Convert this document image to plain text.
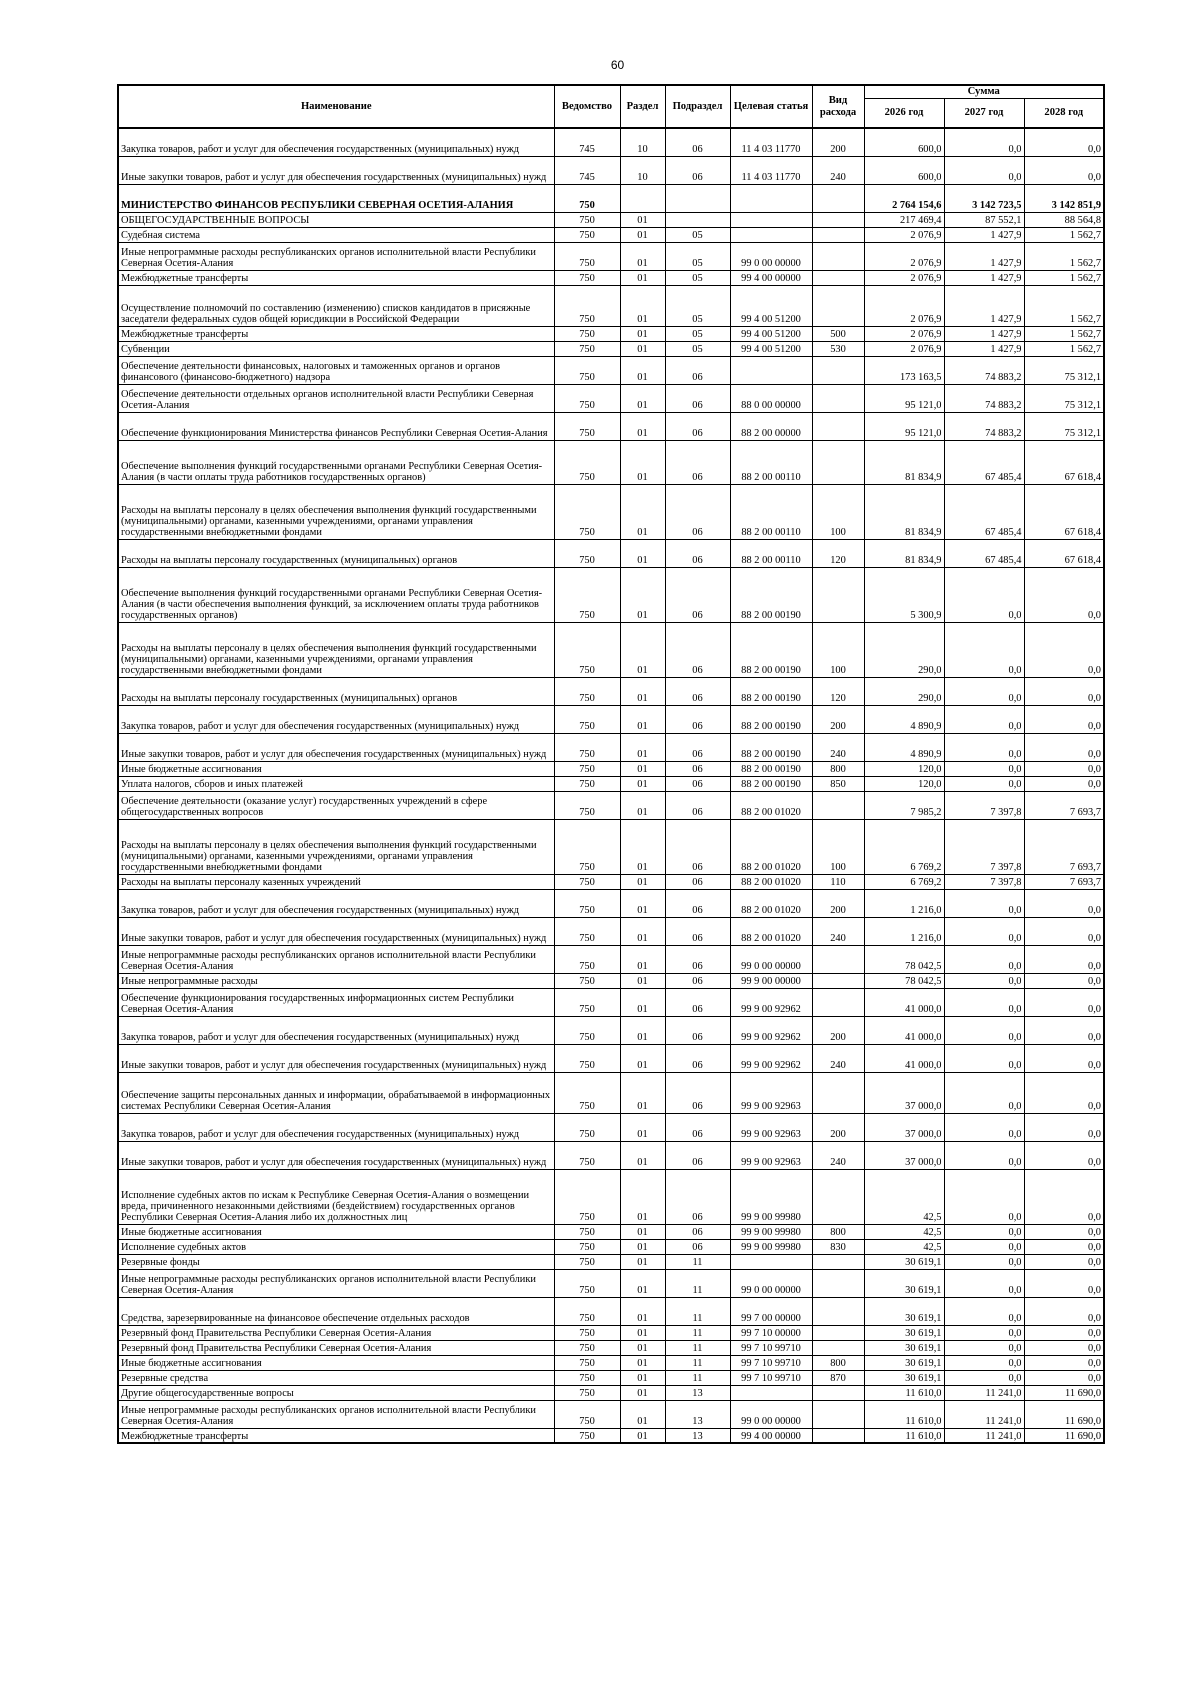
60
Наименование	Ведомство	Раздел	Подраздел	Целевая статья	Вид расхода	Сумма		
						2026 год	2027 год	2028 год
Закупка товаров, работ и услуг для обеспечения государственных (муниципальных) нужд	745	10	06	11 4 03 11770	200	600,0	0,0	0,0
Иные закупки товаров, работ и услуг для обеспечения государственных (муниципальных) нужд	745	10	06	11 4 03 11770	240	600,0	0,0	0,0
МИНИСТЕРСТВО ФИНАНСОВ РЕСПУБЛИКИ СЕВЕРНАЯ ОСЕТИЯ-АЛАНИЯ	750					2 764 154,6	3 142 723,5	3 142 851,9
ОБЩЕГОСУДАРСТВЕННЫЕ ВОПРОСЫ	750	01				217 469,4	87 552,1	88 564,8
Судебная система	750	01	05			2 076,9	1 427,9	1 562,7
Иные непрограммные расходы республиканских органов исполнительной власти Республики Северная Осетия-Алания	750	01	05	99 0 00 00000		2 076,9	1 427,9	1 562,7
Межбюджетные трансферты	750	01	05	99 4 00 00000		2 076,9	1 427,9	1 562,7
Осуществление полномочий по составлению (изменению) списков кандидатов в присяжные заседатели федеральных судов общей юрисдикции в Российской Федерации	750	01	05	99 4 00 51200		2 076,9	1 427,9	1 562,7
Межбюджетные трансферты	750	01	05	99 4 00 51200	500	2 076,9	1 427,9	1 562,7
Субвенции	750	01	05	99 4 00 51200	530	2 076,9	1 427,9	1 562,7
Обеспечение деятельности финансовых, налоговых и таможенных органов и органов финансового (финансово-бюджетного) надзора	750	01	06			173 163,5	74 883,2	75 312,1
Обеспечение деятельности отдельных органов исполнительной власти Республики Северная Осетия-Алания	750	01	06	88 0 00 00000		95 121,0	74 883,2	75 312,1
Обеспечение функционирования Министерства финансов Республики Северная Осетия-Алания	750	01	06	88 2 00 00000		95 121,0	74 883,2	75 312,1
Обеспечение выполнения функций государственными органами Республики Северная Осетия-Алания (в части оплаты труда работников государственных органов)	750	01	06	88 2 00 00110		81 834,9	67 485,4	67 618,4
Расходы на выплаты персоналу в целях обеспечения выполнения функций государственными (муниципальными) органами, казенными учреждениями, органами управления государственными внебюджетными фондами	750	01	06	88 2 00 00110	100	81 834,9	67 485,4	67 618,4
Расходы на выплаты персоналу государственных (муниципальных) органов	750	01	06	88 2 00 00110	120	81 834,9	67 485,4	67 618,4
Обеспечение выполнения функций государственными органами Республики Северная Осетия-Алания (в части обеспечения выполнения функций, за исключением оплаты труда работников государственных органов)	750	01	06	88 2 00 00190		5 300,9	0,0	0,0
Расходы на выплаты персоналу в целях обеспечения выполнения функций государственными (муниципальными) органами, казенными учреждениями, органами управления государственными внебюджетными фондами	750	01	06	88 2 00 00190	100	290,0	0,0	0,0
Расходы на выплаты персоналу государственных (муниципальных) органов	750	01	06	88 2 00 00190	120	290,0	0,0	0,0
Закупка товаров, работ и услуг для обеспечения государственных (муниципальных) нужд	750	01	06	88 2 00 00190	200	4 890,9	0,0	0,0
Иные закупки товаров, работ и услуг для обеспечения государственных (муниципальных) нужд	750	01	06	88 2 00 00190	240	4 890,9	0,0	0,0
Иные бюджетные ассигнования	750	01	06	88 2 00 00190	800	120,0	0,0	0,0
Уплата налогов, сборов и иных платежей	750	01	06	88 2 00 00190	850	120,0	0,0	0,0
Обеспечение деятельности (оказание услуг) государственных учреждений в сфере общегосударственных вопросов	750	01	06	88 2 00 01020		7 985,2	7 397,8	7 693,7
Расходы на выплаты персоналу в целях обеспечения выполнения функций государственными (муниципальными) органами, казенными учреждениями, органами управления государственными внебюджетными фондами	750	01	06	88 2 00 01020	100	6 769,2	7 397,8	7 693,7
Расходы на выплаты персоналу казенных учреждений	750	01	06	88 2 00 01020	110	6 769,2	7 397,8	7 693,7
Закупка товаров, работ и услуг для обеспечения государственных (муниципальных) нужд	750	01	06	88 2 00 01020	200	1 216,0	0,0	0,0
Иные закупки товаров, работ и услуг для обеспечения государственных (муниципальных) нужд	750	01	06	88 2 00 01020	240	1 216,0	0,0	0,0
Иные непрограммные расходы республиканских органов исполнительной власти Республики Северная Осетия-Алания	750	01	06	99 0 00 00000		78 042,5	0,0	0,0
Иные непрограммные расходы	750	01	06	99 9 00 00000		78 042,5	0,0	0,0
Обеспечение функционирования государственных информационных систем Республики Северная Осетия-Алания	750	01	06	99 9 00 92962		41 000,0	0,0	0,0
Закупка товаров, работ и услуг для обеспечения государственных (муниципальных) нужд	750	01	06	99 9 00 92962	200	41 000,0	0,0	0,0
Иные закупки товаров, работ и услуг для обеспечения государственных (муниципальных) нужд	750	01	06	99 9 00 92962	240	41 000,0	0,0	0,0
Обеспечение защиты персональных данных и информации, обрабатываемой в информационных системах Республики Северная Осетия-Алания	750	01	06	99 9 00 92963		37 000,0	0,0	0,0
Закупка товаров, работ и услуг для обеспечения государственных (муниципальных) нужд	750	01	06	99 9 00 92963	200	37 000,0	0,0	0,0
Иные закупки товаров, работ и услуг для обеспечения государственных (муниципальных) нужд	750	01	06	99 9 00 92963	240	37 000,0	0,0	0,0
Исполнение судебных актов по искам к Республике Северная Осетия-Алания о возмещении вреда, причиненного незаконными действиями (бездействием) государственных органов Республики Северная Осетия-Алания либо их должностных лиц	750	01	06	99 9 00 99980		42,5	0,0	0,0
Иные бюджетные ассигнования	750	01	06	99 9 00 99980	800	42,5	0,0	0,0
Исполнение судебных актов	750	01	06	99 9 00 99980	830	42,5	0,0	0,0
Резервные фонды	750	01	11			30 619,1	0,0	0,0
Иные непрограммные расходы республиканских органов исполнительной власти Республики Северная Осетия-Алания	750	01	11	99 0 00 00000		30 619,1	0,0	0,0
Средства, зарезервированные на финансовое обеспечение отдельных расходов	750	01	11	99 7 00 00000		30 619,1	0,0	0,0
Резервный фонд Правительства Республики Северная Осетия-Алания	750	01	11	99 7 10 00000		30 619,1	0,0	0,0
Резервный фонд Правительства Республики Северная Осетия-Алания	750	01	11	99 7 10 99710		30 619,1	0,0	0,0
Иные бюджетные ассигнования	750	01	11	99 7 10 99710	800	30 619,1	0,0	0,0
Резервные средства	750	01	11	99 7 10 99710	870	30 619,1	0,0	0,0
Другие общегосударственные вопросы	750	01	13			11 610,0	11 241,0	11 690,0
Иные непрограммные расходы республиканских органов исполнительной власти Республики Северная Осетия-Алания	750	01	13	99 0 00 00000		11 610,0	11 241,0	11 690,0
Межбюджетные трансферты	750	01	13	99 4 00 00000		11 610,0	11 241,0	11 690,0
